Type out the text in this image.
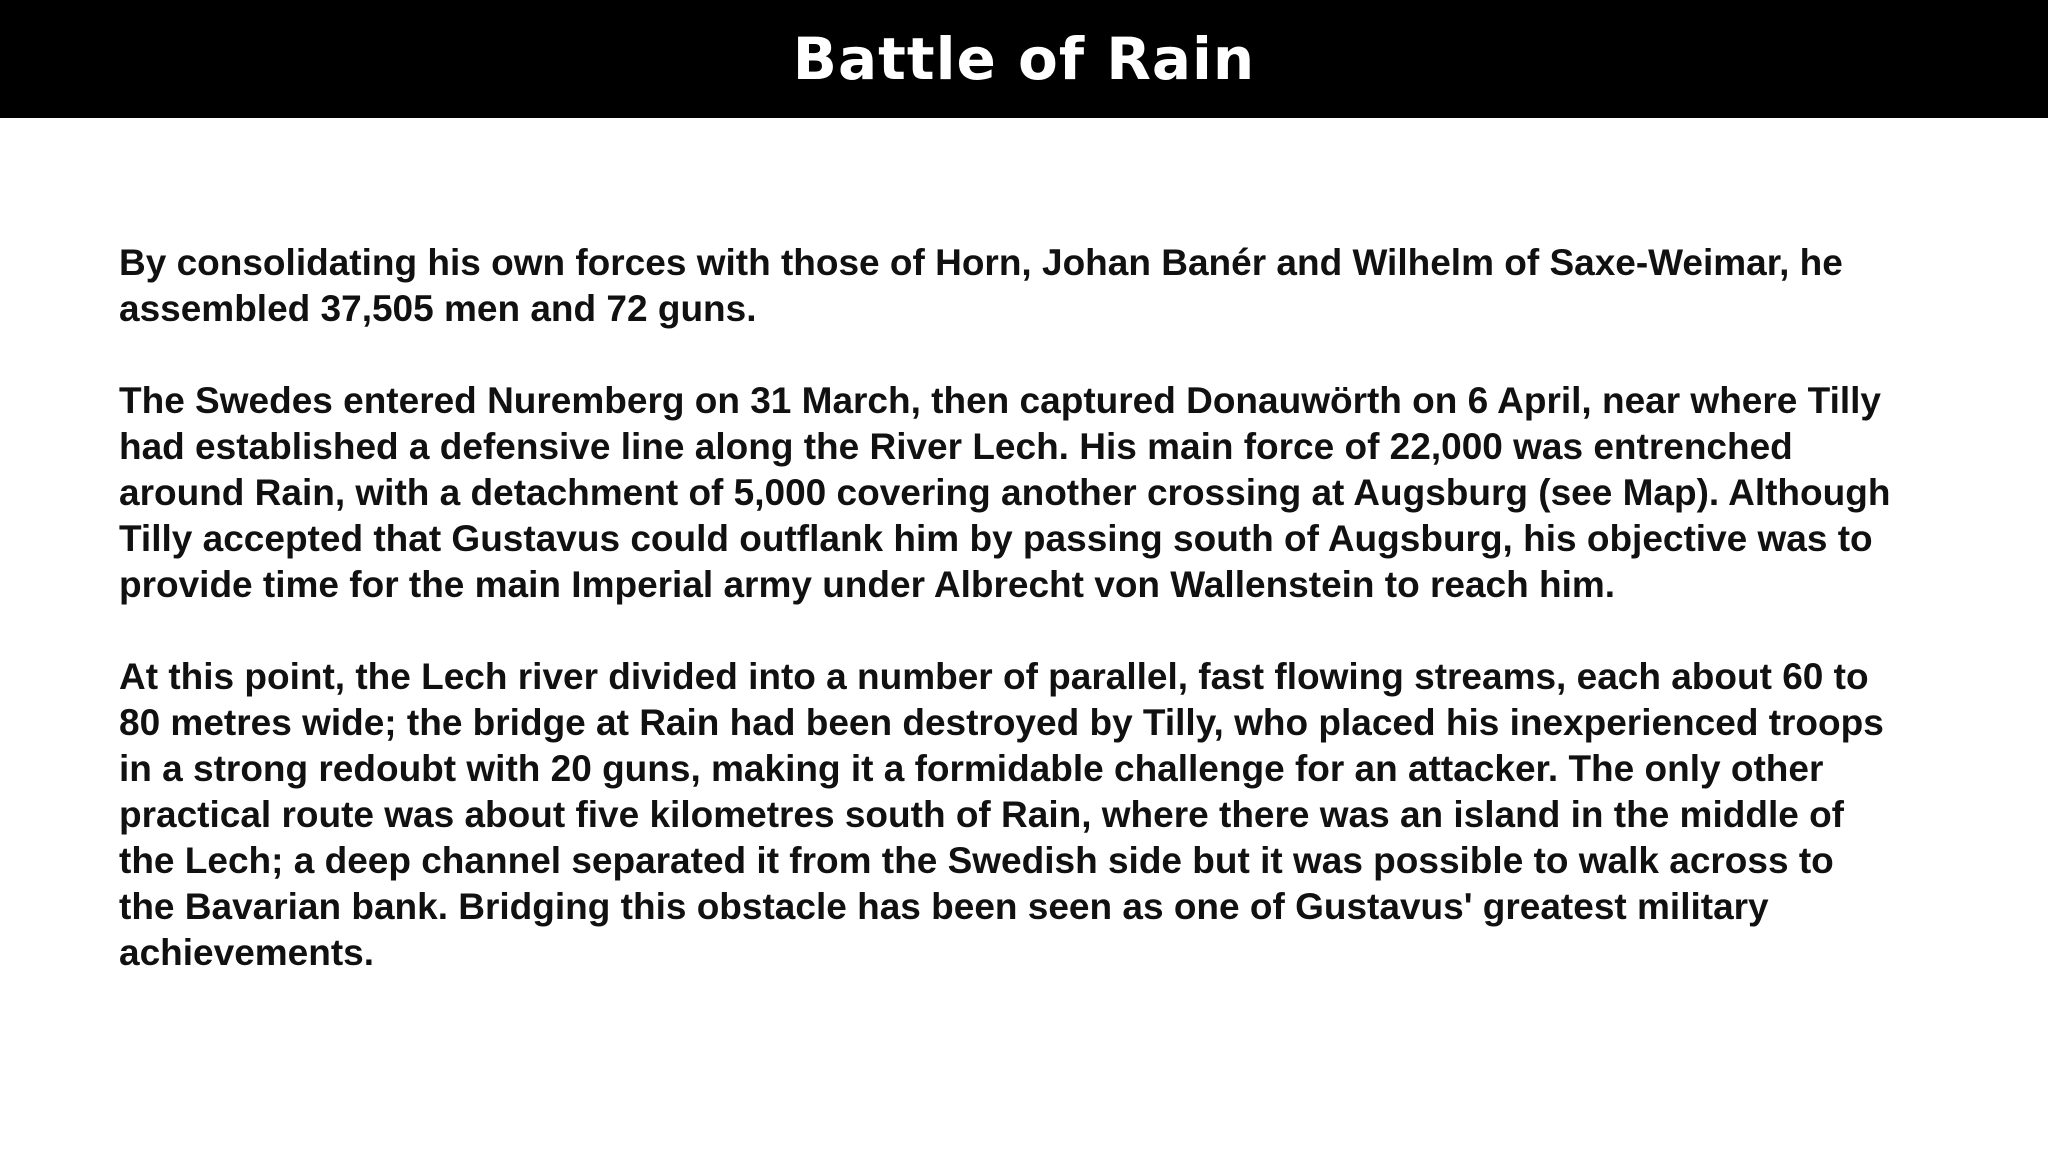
Battle of Rain

By consolidating his own forces with those of Horn, Johan Banér and Wilhelm of Saxe-Weimar, he assembled 37,505 men and 72 guns.

The Swedes entered Nuremberg on 31 March, then captured Donauwörth on 6 April, near where Tilly had established a defensive line along the River Lech. His main force of 22,000 was entrenched around Rain, with a detachment of 5,000 covering another crossing at Augsburg (see Map). Although Tilly accepted that Gustavus could outflank him by passing south of Augsburg, his objective was to provide time for the main Imperial army under Albrecht von Wallenstein to reach him.

At this point, the Lech river divided into a number of parallel, fast flowing streams, each about 60 to 80 metres wide; the bridge at Rain had been destroyed by Tilly, who placed his inexperienced troops in a strong redoubt with 20 guns, making it a formidable challenge for an attacker. The only other practical route was about five kilometres south of Rain, where there was an island in the middle of the Lech; a deep channel separated it from the Swedish side but it was possible to walk across to the Bavarian bank. Bridging this obstacle has been seen as one of Gustavus' greatest military achievements.
